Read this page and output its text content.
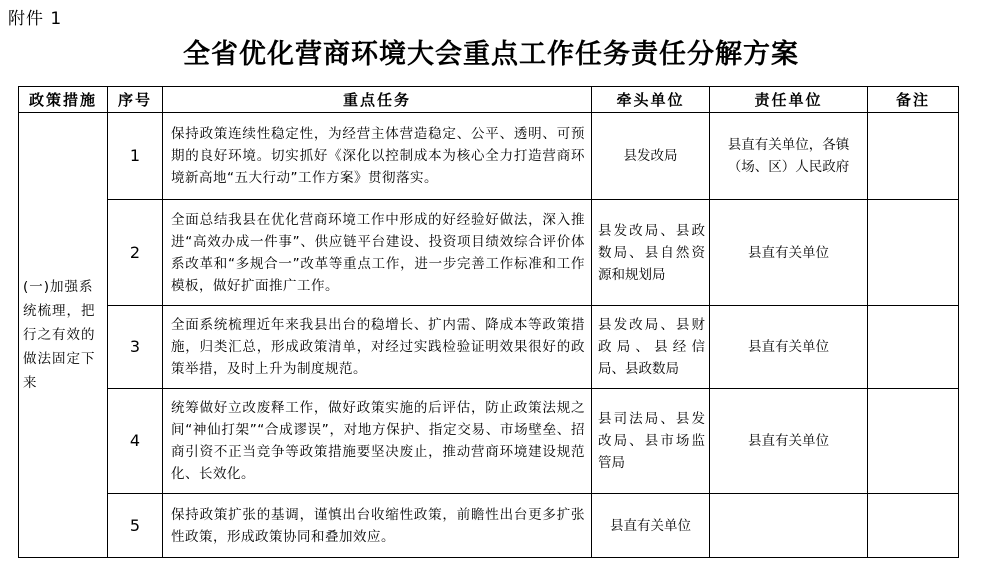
附件 1
全省优化营商环境大会重点工作任务责任分解方案
政策措施	序号	重点任务	牵头单位	责任单位	备注
(一)加强系统梳理，把行之有效的做法固定下来	1	保持政策连续性稳定性，为经营主体营造稳定、公平、透明、可预期的良好环境。切实抓好《深化以控制成本为核心全力打造营商环境新高地“五大行动”工作方案》贯彻落实。	县发改局	县直有关单位，各镇（场、区）人民政府	
	2	全面总结我县在优化营商环境工作中形成的好经验好做法，深入推进“高效办成一件事”、供应链平台建设、投资项目绩效综合评价体系改革和“多规合一”改革等重点工作，进一步完善工作标准和工作模板，做好扩面推广工作。	县发改局、县政数局、县自然资源和规划局	县直有关单位	
	3	全面系统梳理近年来我县出台的稳增长、扩内需、降成本等政策措施，归类汇总，形成政策清单，对经过实践检验证明效果很好的政策举措，及时上升为制度规范。	县发改局、县财政局、县经信局、县政数局	县直有关单位	
	4	统筹做好立改废释工作，做好政策实施的后评估，防止政策法规之间“神仙打架”“合成谬误”，对地方保护、指定交易、市场壁垒、招商引资不正当竞争等政策措施要坚决废止，推动营商环境建设规范化、长效化。	县司法局、县发改局、县市场监管局	县直有关单位	
	5	保持政策扩张的基调，谨慎出台收缩性政策，前瞻性出台更多扩张性政策，形成政策协同和叠加效应。	县直有关单位		
